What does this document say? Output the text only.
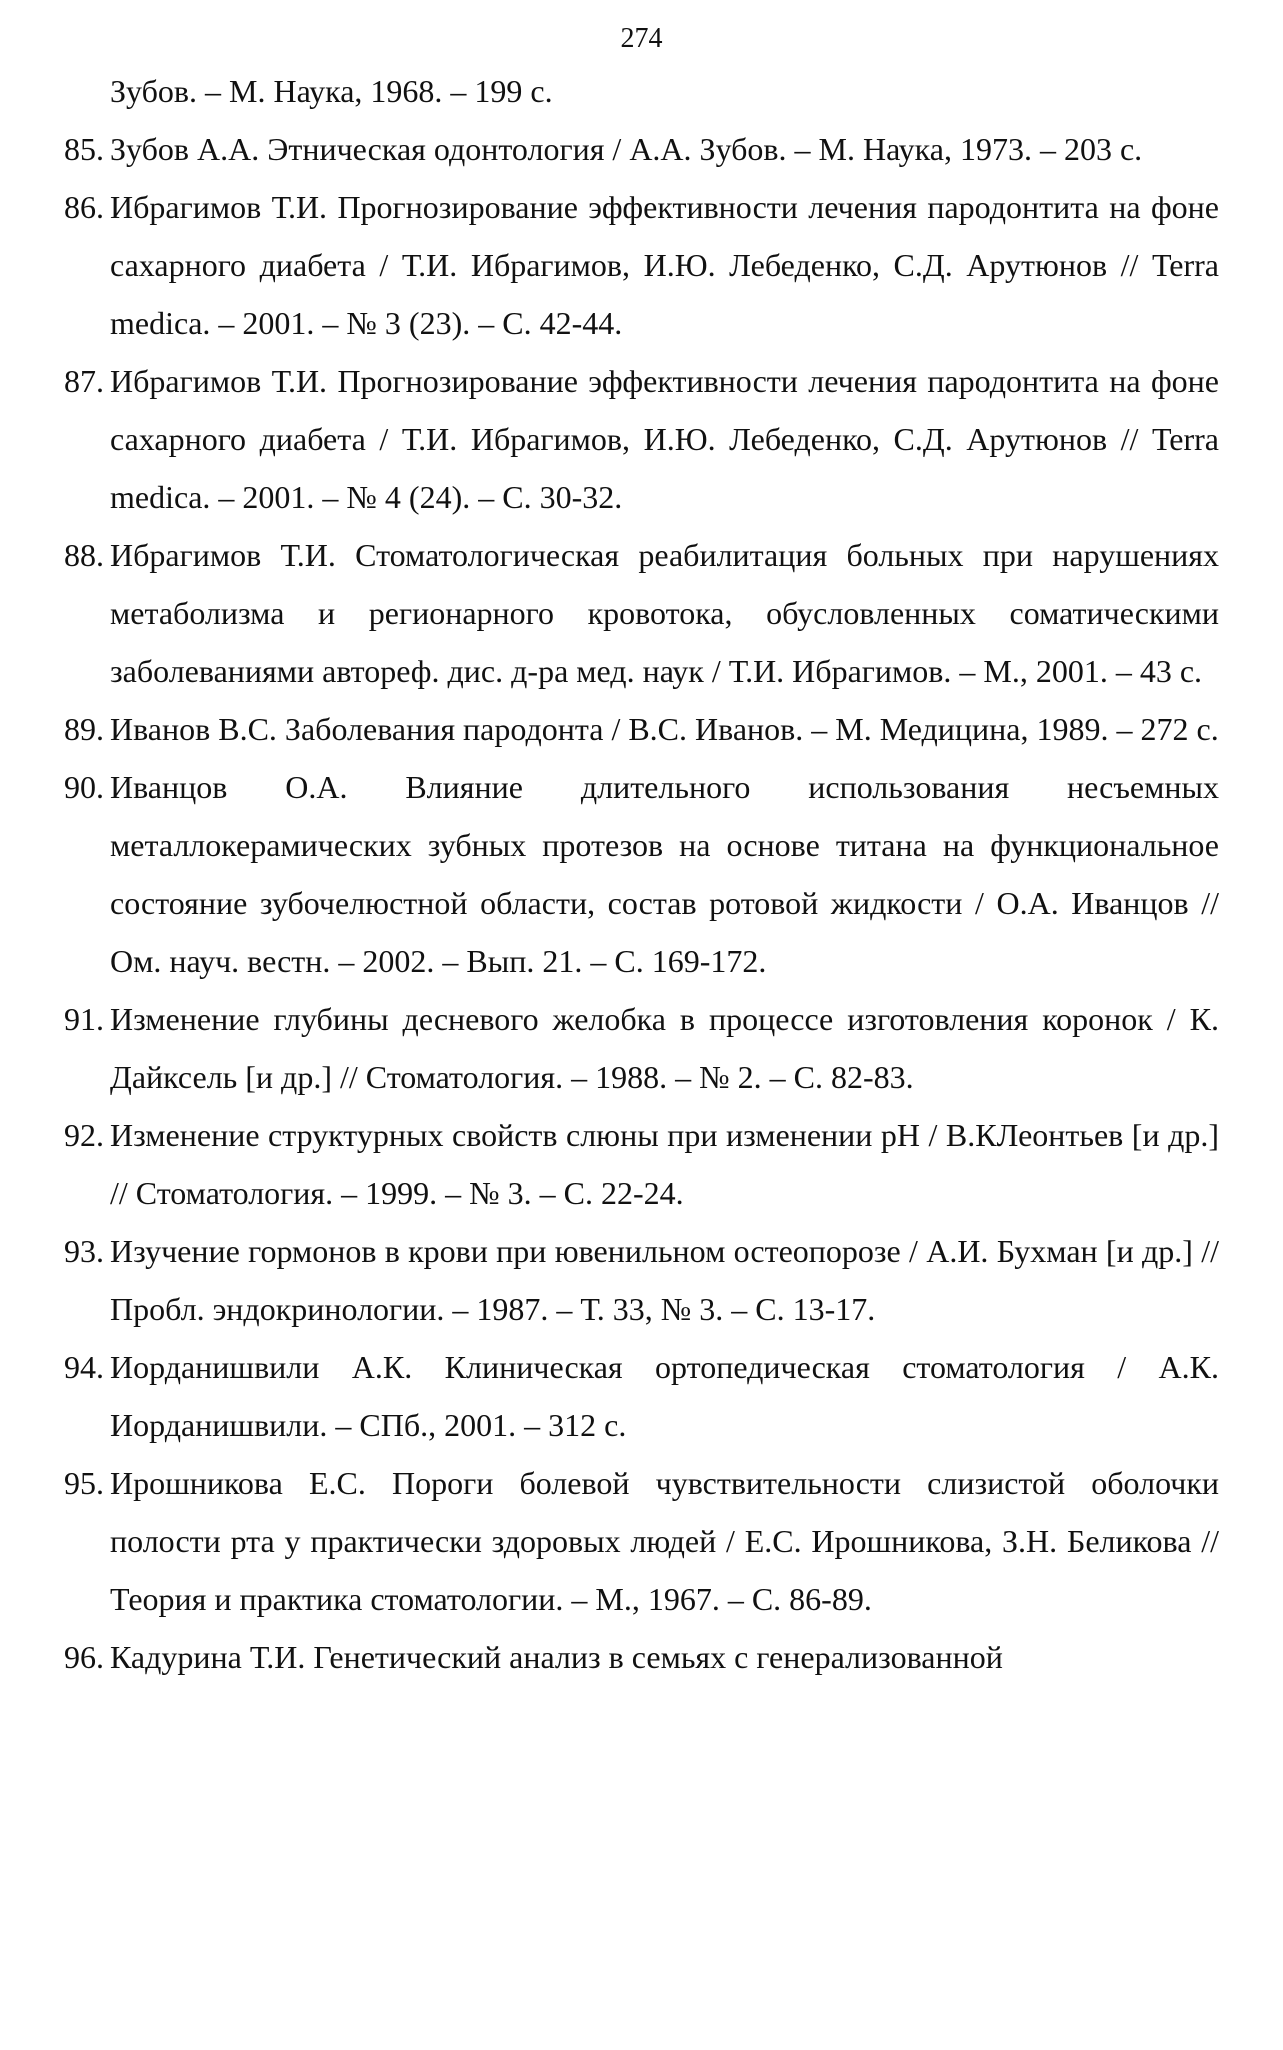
274
Зубов. – М. Наука, 1968. – 199 с.
85. Зубов А.А. Этническая одонтология / А.А. Зубов. – М. Наука, 1973. – 203 с.
86. Ибрагимов Т.И. Прогнозирование эффективности лечения пародонтита на фоне сахарного диабета / Т.И. Ибрагимов, И.Ю. Лебеденко, С.Д. Арутюнов // Terra medica. – 2001. – № 3 (23). – С. 42-44.
87. Ибрагимов Т.И. Прогнозирование эффективности лечения пародонтита на фоне сахарного диабета / Т.И. Ибрагимов, И.Ю. Лебеденко, С.Д. Арутюнов // Terra medica. – 2001. – № 4 (24). – С. 30-32.
88. Ибрагимов Т.И. Стоматологическая реабилитация больных при нарушениях метаболизма и регионарного кровотока, обусловленных соматическими заболеваниями автореф. дис. д-ра мед. наук / Т.И. Ибрагимов. – М., 2001. – 43 с.
89. Иванов В.С. Заболевания пародонта / В.С. Иванов. – М. Медицина, 1989. – 272 с.
90. Иванцов О.А. Влияние длительного использования несъемных металлокерамических зубных протезов на основе титана на функциональное состояние зубочелюстной области, состав ротовой жидкости / О.А. Иванцов // Ом. науч. вестн. – 2002. – Вып. 21. – С. 169-172.
91. Изменение глубины десневого желобка в процессе изготовления коронок / К. Дайксель [и др.] // Стоматология. – 1988. – № 2. – С. 82-83.
92. Изменение структурных свойств слюны при изменении pH / В.КЛеонтьев [и др.] // Стоматология. – 1999. – № 3. – С. 22-24.
93. Изучение гормонов в крови при ювенильном остеопорозе / А.И. Бухман [и др.] // Пробл. эндокринологии. – 1987. – Т. 33, № 3. – С. 13-17.
94. Иорданишвили А.К. Клиническая ортопедическая стоматология / А.К. Иорданишвили. – СПб., 2001. – 312 с.
95. Ирошникова Е.С. Пороги болевой чувствительности слизистой оболочки полости рта у практически здоровых людей / Е.С. Ирошникова, З.Н. Беликова // Теория и практика стоматологии. – М., 1967. – С. 86-89.
96. Кадурина Т.И. Генетический анализ в семьях с генерализованной
